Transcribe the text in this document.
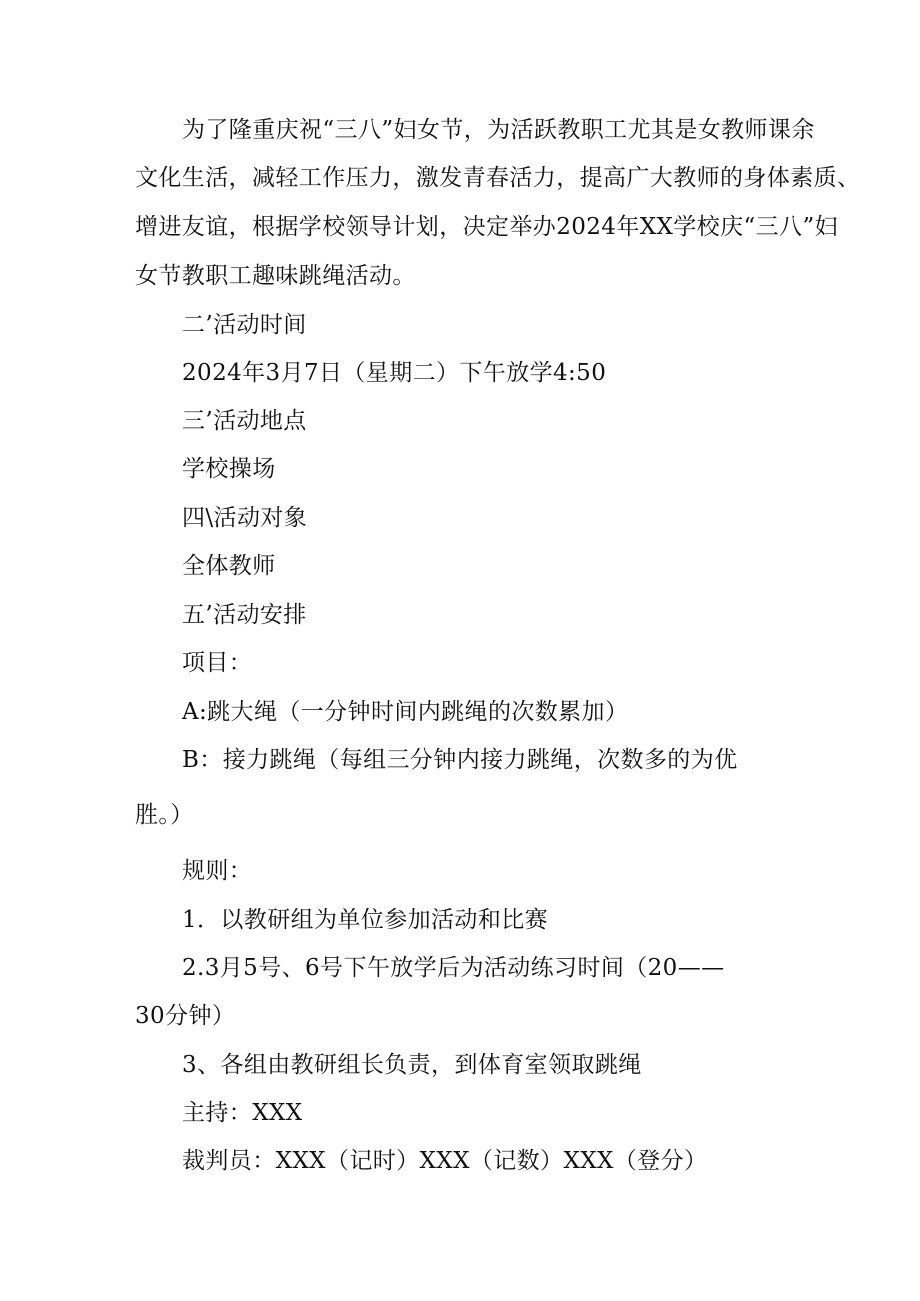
为了隆重庆祝“三八”妇女节，为活跃教职工尤其是女教师课余
文化生活，减轻工作压力，激发青春活力，提高广大教师的身体素质、
增进友谊，根据学校领导计划，决定举办2024年XX学校庆“三八”妇
女节教职工趣味跳绳活动。
二’活动时间
2024年3月7日（星期二）下午放学4:50
三’活动地点
学校操场
四\活动对象
全体教师
五’活动安排
项目：
A:跳大绳（一分钟时间内跳绳的次数累加）
B：接力跳绳（每组三分钟内接力跳绳，次数多的为优
胜。）
规则：
1．以教研组为单位参加活动和比赛
2.3月5号、6号下午放学后为活动练习时间（20——
30分钟）
3、各组由教研组长负责，到体育室领取跳绳
主持：XXX
裁判员：XXX（记时）XXX（记数）XXX（登分）
